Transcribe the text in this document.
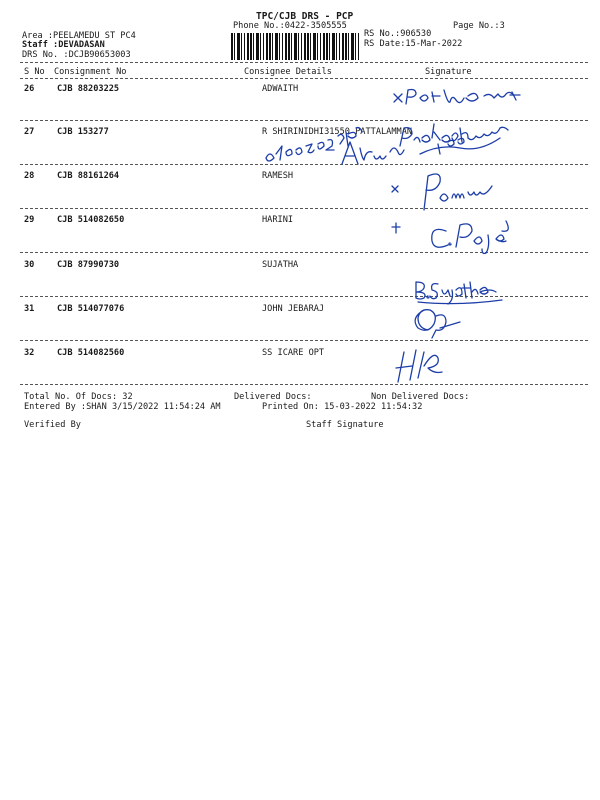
TPC/CJB DRS - PCP
Phone No.:0422-3505555	Page No.:3
Area :PEELAMEDU ST PC4
Staff :DEVADASAN
DRS No. :DCJB90653003
RS No.:906530
RS Date:15-Mar-2022
S No Consignment No	Consignee Details	Signature
26	CJB 88203225	ADWAITH
27	CJB 153277	R SHIRINIDHI31550 PATTALAMMAN
28	CJB 88161264	RAMESH
29	CJB 514082650	HARINI
30	CJB 87990730	SUJATHA
31	CJB 514077076	JOHN JEBARAJ
32	CJB 514082560	SS ICARE OPT
Total No. Of Docs: 32	Delivered Docs:	Non Delivered Docs:
Entered By :SHAN 3/15/2022 11:54:24 AM	Printed On: 15-03-2022 11:54:32
Verified By	Staff Signature
